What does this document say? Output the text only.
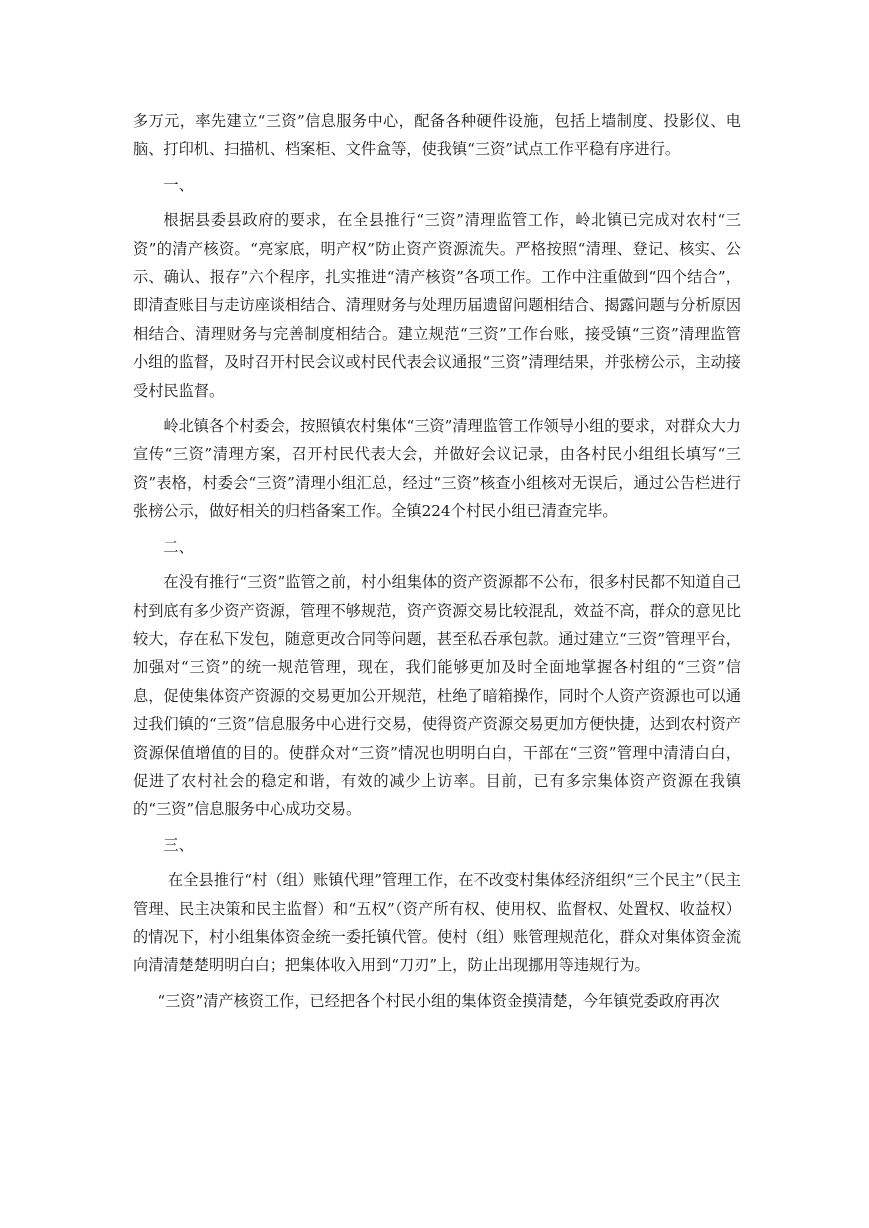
多万元，率先建立“三资”信息服务中心，配备各种硬件设施，包括上墙制度、投影仪、电脑、打印机、扫描机、档案柜、文件盒等，使我镇“三资”试点工作平稳有序进行。

一、

根据县委县政府的要求，在全县推行“三资”清理监管工作，岭北镇已完成对农村“三资”的清产核资。“亮家底，明产权”防止资产资源流失。严格按照“清理、登记、核实、公示、确认、报存”六个程序，扎实推进“清产核资”各项工作。工作中注重做到“四个结合”，即清查账目与走访座谈相结合、清理财务与处理历届遗留问题相结合、揭露问题与分析原因相结合、清理财务与完善制度相结合。建立规范“三资”工作台账，接受镇“三资”清理监管小组的监督，及时召开村民会议或村民代表会议通报“三资”清理结果，并张榜公示，主动接受村民监督。

岭北镇各个村委会，按照镇农村集体“三资”清理监管工作领导小组的要求，对群众大力宣传“三资”清理方案，召开村民代表大会，并做好会议记录，由各村民小组组长填写“三资”表格，村委会“三资”清理小组汇总，经过“三资”核查小组核对无误后，通过公告栏进行张榜公示，做好相关的归档备案工作。全镇224个村民小组已清查完毕。

二、

在没有推行“三资”监管之前，村小组集体的资产资源都不公布，很多村民都不知道自己村到底有多少资产资源，管理不够规范，资产资源交易比较混乱，效益不高，群众的意见比较大，存在私下发包，随意更改合同等问题，甚至私吞承包款。通过建立“三资”管理平台，加强对“三资”的统一规范管理，现在，我们能够更加及时全面地掌握各村组的“三资”信息，促使集体资产资源的交易更加公开规范，杜绝了暗箱操作，同时个人资产资源也可以通过我们镇的“三资”信息服务中心进行交易，使得资产资源交易更加方便快捷，达到农村资产资源保值增值的目的。使群众对“三资”情况也明明白白，干部在“三资”管理中清清白白，促进了农村社会的稳定和谐，有效的减少上访率。目前，已有多宗集体资产资源在我镇的“三资”信息服务中心成功交易。

三、

在全县推行“村（组）账镇代理”管理工作，在不改变村集体经济组织“三个民主”（民主管理、民主决策和民主监督）和“五权”（资产所有权、使用权、监督权、处置权、收益权）的情况下，村小组集体资金统一委托镇代管。使村（组）账管理规范化，群众对集体资金流向清清楚楚明明白白；把集体收入用到“刀刃”上，防止出现挪用等违规行为。

“三资”清产核资工作，已经把各个村民小组的集体资金摸清楚，今年镇党委政府再次
